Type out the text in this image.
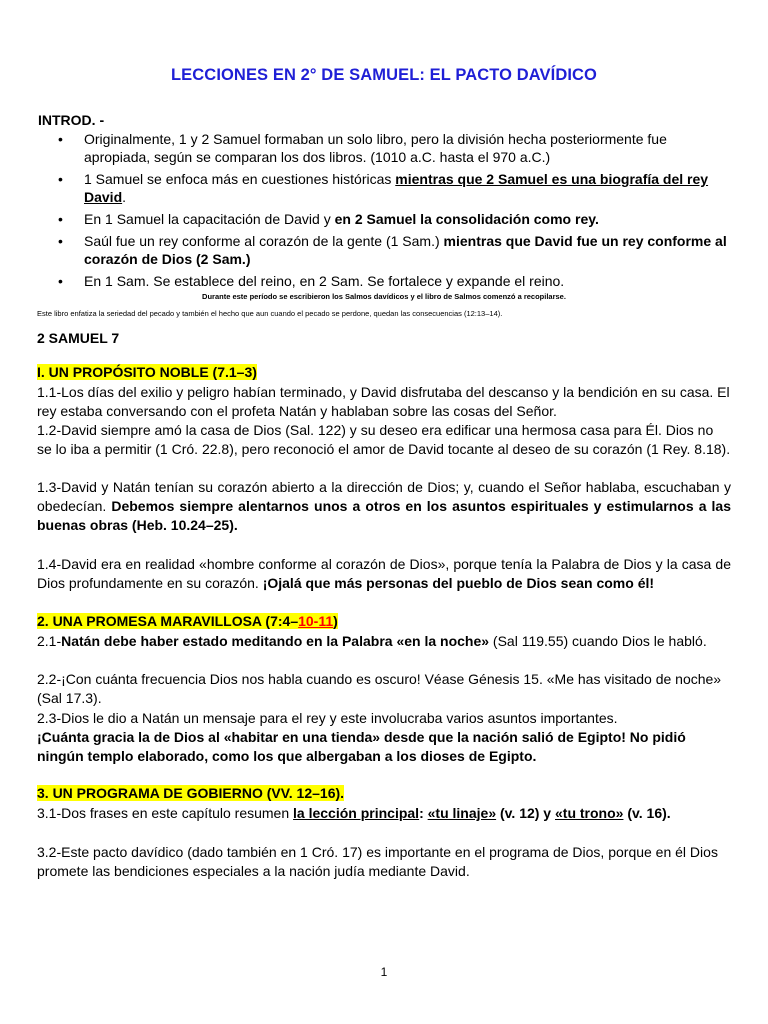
LECCIONES EN 2° DE SAMUEL: EL PACTO DAVÍDICO
INTROD. -
• Originalmente, 1 y 2 Samuel formaban un solo libro, pero la división hecha posteriormente fue apropiada, según se comparan los dos libros. (1010 a.C. hasta el 970 a.C.)
• 1 Samuel se enfoca más en cuestiones históricas mientras que 2 Samuel es una biografía del rey David.
• En 1 Samuel la capacitación de David y en 2 Samuel la consolidación como rey.
• Saúl fue un rey conforme al corazón de la gente (1 Sam.) mientras que David fue un rey conforme al corazón de Dios (2 Sam.)
• En 1 Sam. Se establece del reino, en 2 Sam. Se fortalece y expande el reino.
Durante este período se escribieron los Salmos davídicos y el libro de Salmos comenzó a recopilarse.
Este libro enfatiza la seriedad del pecado y también el hecho que aun cuando el pecado se perdone, quedan las consecuencias (12:13–14).
2 SAMUEL 7
I. UN PROPÓSITO NOBLE (7.1–3)
1.1-Los días del exilio y peligro habían terminado, y David disfrutaba del descanso y la bendición en su casa. El rey estaba conversando con el profeta Natán y hablaban sobre las cosas del Señor.
1.2-David siempre amó la casa de Dios (Sal. 122) y su deseo era edificar una hermosa casa para Él. Dios no se lo iba a permitir (1 Cró. 22.8), pero reconoció el amor de David tocante al deseo de su corazón (1 Rey. 8.18).
1.3-David y Natán tenían su corazón abierto a la dirección de Dios; y, cuando el Señor hablaba, escuchaban y obedecían. Debemos siempre alentarnos unos a otros en los asuntos espirituales y estimularnos a las buenas obras (Heb. 10.24–25).
1.4-David era en realidad «hombre conforme al corazón de Dios», porque tenía la Palabra de Dios y la casa de Dios profundamente en su corazón. ¡Ojalá que más personas del pueblo de Dios sean como él!
2. UNA PROMESA MARAVILLOSA (7:4–10-11)
2.1-Natán debe haber estado meditando en la Palabra «en la noche» (Sal 119.55) cuando Dios le habló.
2.2-¡Con cuánta frecuencia Dios nos habla cuando es oscuro! Véase Génesis 15. «Me has visitado de noche» (Sal 17.3).
2.3-Dios le dio a Natán un mensaje para el rey y este involucraba varios asuntos importantes.
¡Cuánta gracia la de Dios al «habitar en una tienda» desde que la nación salió de Egipto! No pidió ningún templo elaborado, como los que albergaban a los dioses de Egipto.
3. UN PROGRAMA DE GOBIERNO (VV. 12–16).
3.1-Dos frases en este capítulo resumen la lección principal: «tu linaje» (v. 12) y «tu trono» (v. 16).
3.2-Este pacto davídico (dado también en 1 Cró. 17) es importante en el programa de Dios, porque en él Dios promete las bendiciones especiales a la nación judía mediante David.
1
